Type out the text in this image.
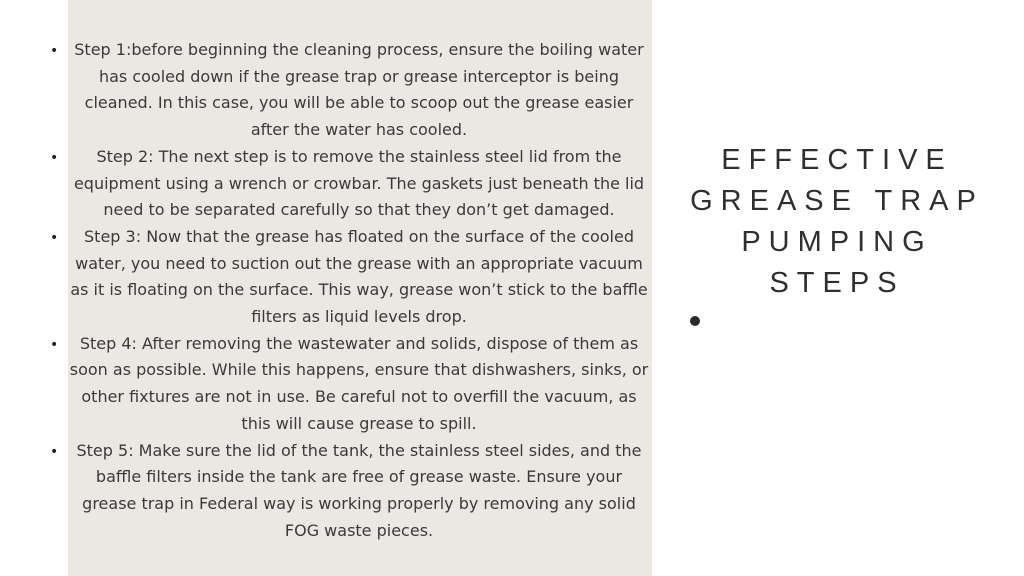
•	Step 1:before beginning the cleaning process, ensure the boiling water has cooled down if the grease trap or grease interceptor is being cleaned. In this case, you will be able to scoop out the grease easier after the water has cooled.
•	Step 2: The next step is to remove the stainless steel lid from the equipment using a wrench or crowbar. The gaskets just beneath the lid need to be separated carefully so that they don’t get damaged.
•	Step 3: Now that the grease has floated on the surface of the cooled water, you need to suction out the grease with an appropriate vacuum as it is floating on the surface. This way, grease won’t stick to the baffle filters as liquid levels drop.
•	Step 4: After removing the wastewater and solids, dispose of them as soon as possible. While this happens, ensure that dishwashers, sinks, or other fixtures are not in use. Be careful not to overfill the vacuum, as this will cause grease to spill.
•	Step 5: Make sure the lid of the tank, the stainless steel sides, and the baffle filters inside the tank are free of grease waste. Ensure your grease trap in Federal way is working properly by removing any solid FOG waste pieces.
EFFECTIVE
GREASE TRAP
PUMPING
STEPS
